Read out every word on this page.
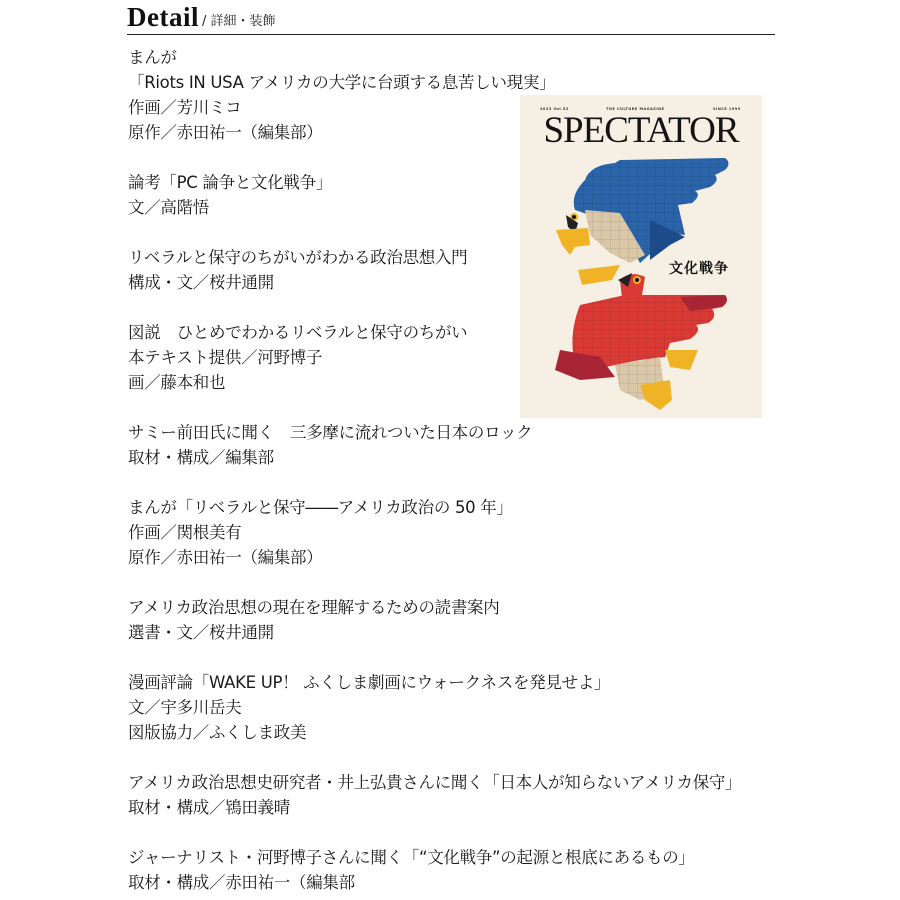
Detail / 詳細・装飾
まんが
「Riots IN USA アメリカの大学に台頭する息苦しい現実」
作画／芳川ミコ
原作／赤田祐一（編集部）
論考「PC 論争と文化戦争」
文／高階悟
リベラルと保守のちがいがわかる政治思想入門
構成・文／桜井通開
図説　ひとめでわかるリベラルと保守のちがい
本テキスト提供／河野博子
画／藤本和也
サミー前田氏に聞く　三多摩に流れついた日本のロック
取材・構成／編集部
まんが「リベラルと保守――アメリカ政治の 50 年」
作画／関根美有
原作／赤田祐一（編集部）
アメリカ政治思想の現在を理解するための読書案内
選書・文／桜井通開
漫画評論「WAKE UP！ ふくしま劇画にウォークネスを発見せよ」
文／宇多川岳夫
図版協力／ふくしま政美
アメリカ政治思想史研究者・井上弘貴さんに聞く「日本人が知らないアメリカ保守」
取材・構成／鴇田義晴
ジャーナリスト・河野博子さんに聞く「“文化戦争”の起源と根底にあるもの」
取材・構成／赤田祐一（編集部
文化戦争
2023 Vol.52	THE CULTURE MAGAZINE	SINCE 1999
SPECTATOR
